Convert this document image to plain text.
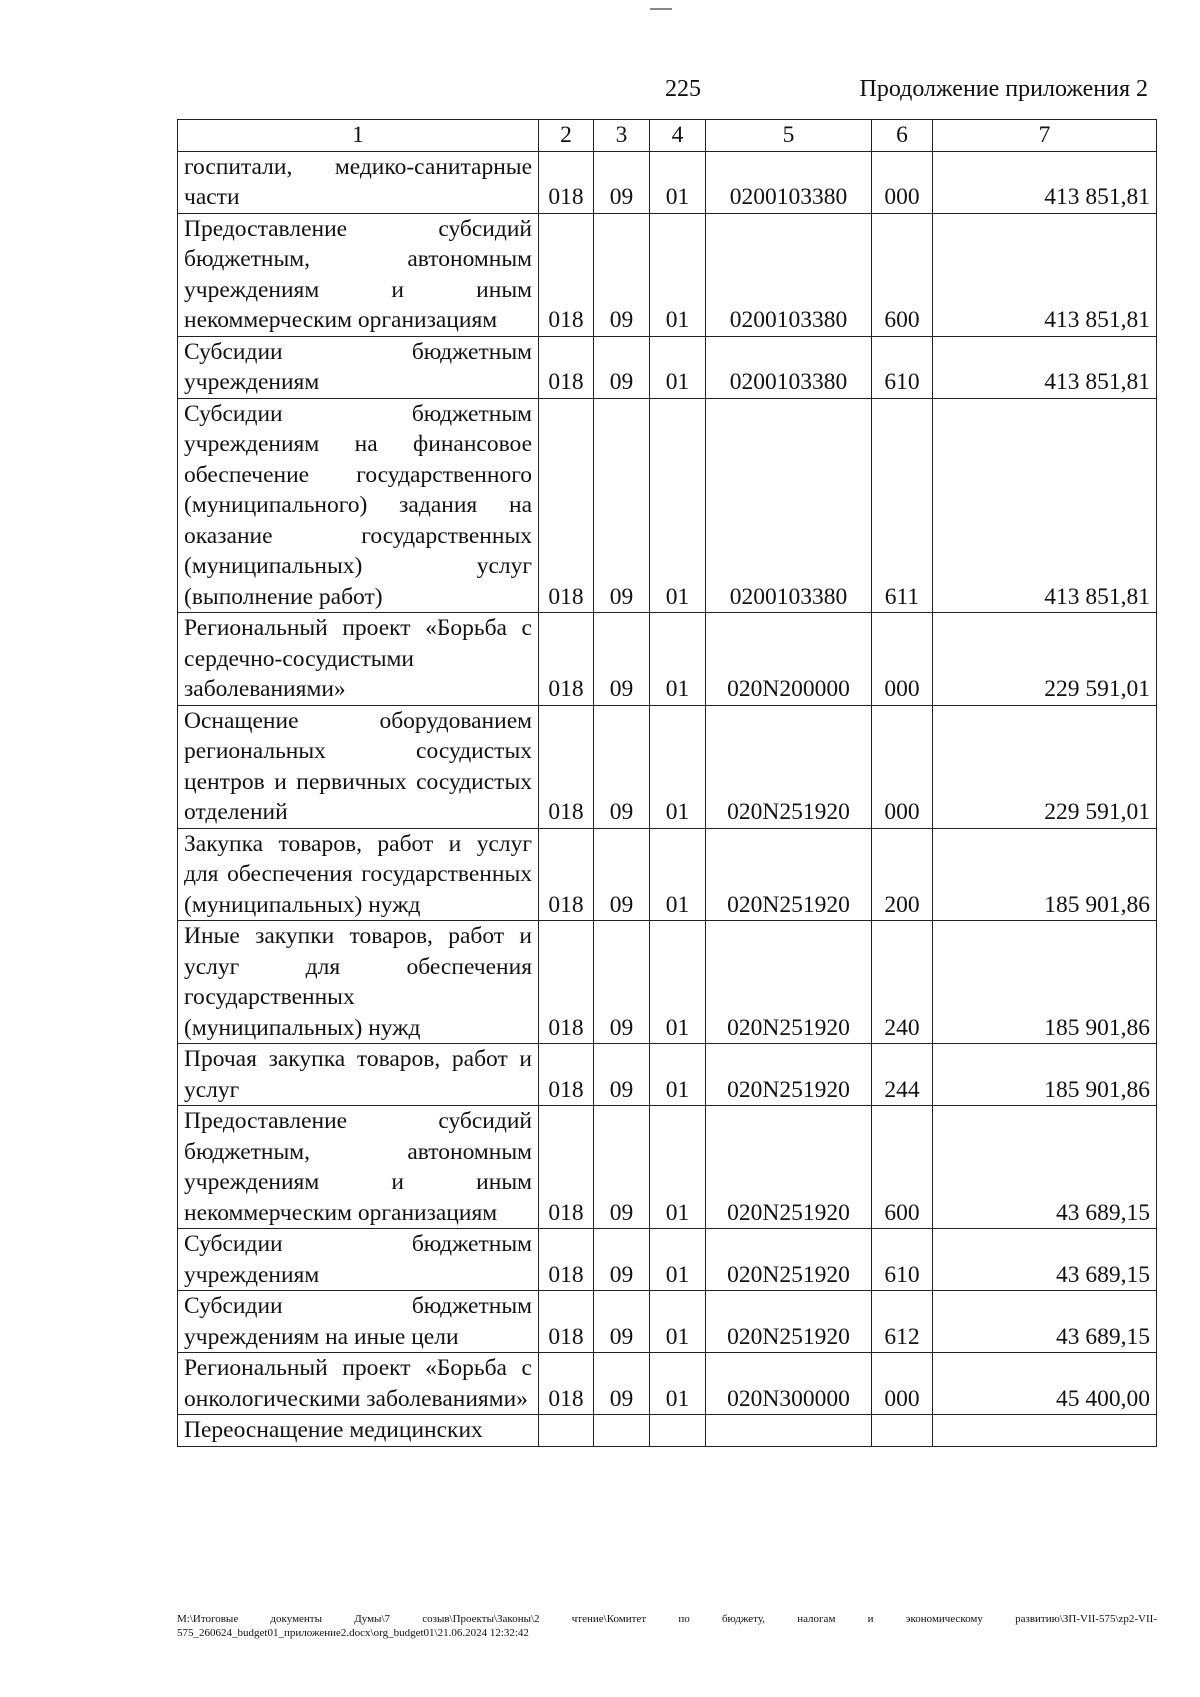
225	Продолжение приложения 2
1	2	3	4	5	6	7
госпитали, медико-санитарные части	018	09	01	0200103380	000	413 851,81
Предоставление субсидий бюджетным, автономным учреждениям и иным некоммерческим организациям	018	09	01	0200103380	600	413 851,81
Субсидии бюджетным учреждениям	018	09	01	0200103380	610	413 851,81
Субсидии бюджетным учреждениям на финансовое обеспечение государственного (муниципального) задания на оказание государственных (муниципальных) услуг (выполнение работ)	018	09	01	0200103380	611	413 851,81
Региональный проект «Борьба с сердечно-сосудистыми заболеваниями»	018	09	01	020N200000	000	229 591,01
Оснащение оборудованием региональных сосудистых центров и первичных сосудистых отделений	018	09	01	020N251920	000	229 591,01
Закупка товаров, работ и услуг для обеспечения государственных (муниципальных) нужд	018	09	01	020N251920	200	185 901,86
Иные закупки товаров, работ и услуг для обеспечения государственных (муниципальных) нужд	018	09	01	020N251920	240	185 901,86
Прочая закупка товаров, работ и услуг	018	09	01	020N251920	244	185 901,86
Предоставление субсидий бюджетным, автономным учреждениям и иным некоммерческим организациям	018	09	01	020N251920	600	43 689,15
Субсидии бюджетным учреждениям	018	09	01	020N251920	610	43 689,15
Субсидии бюджетным учреждениям на иные цели	018	09	01	020N251920	612	43 689,15
Региональный проект «Борьба с онкологическими заболеваниями»	018	09	01	020N300000	000	45 400,00
Переоснащение медицинских						
M:\Итоговые документы Думы\7 созыв\Проекты\Законы\2 чтение\Комитет по бюджету, налогам и экономическому развитию\ЗП-VII-575\zp2-VII-575_260624_budget01_приложение2.docx\org_budget01\21.06.2024 12:32:42
